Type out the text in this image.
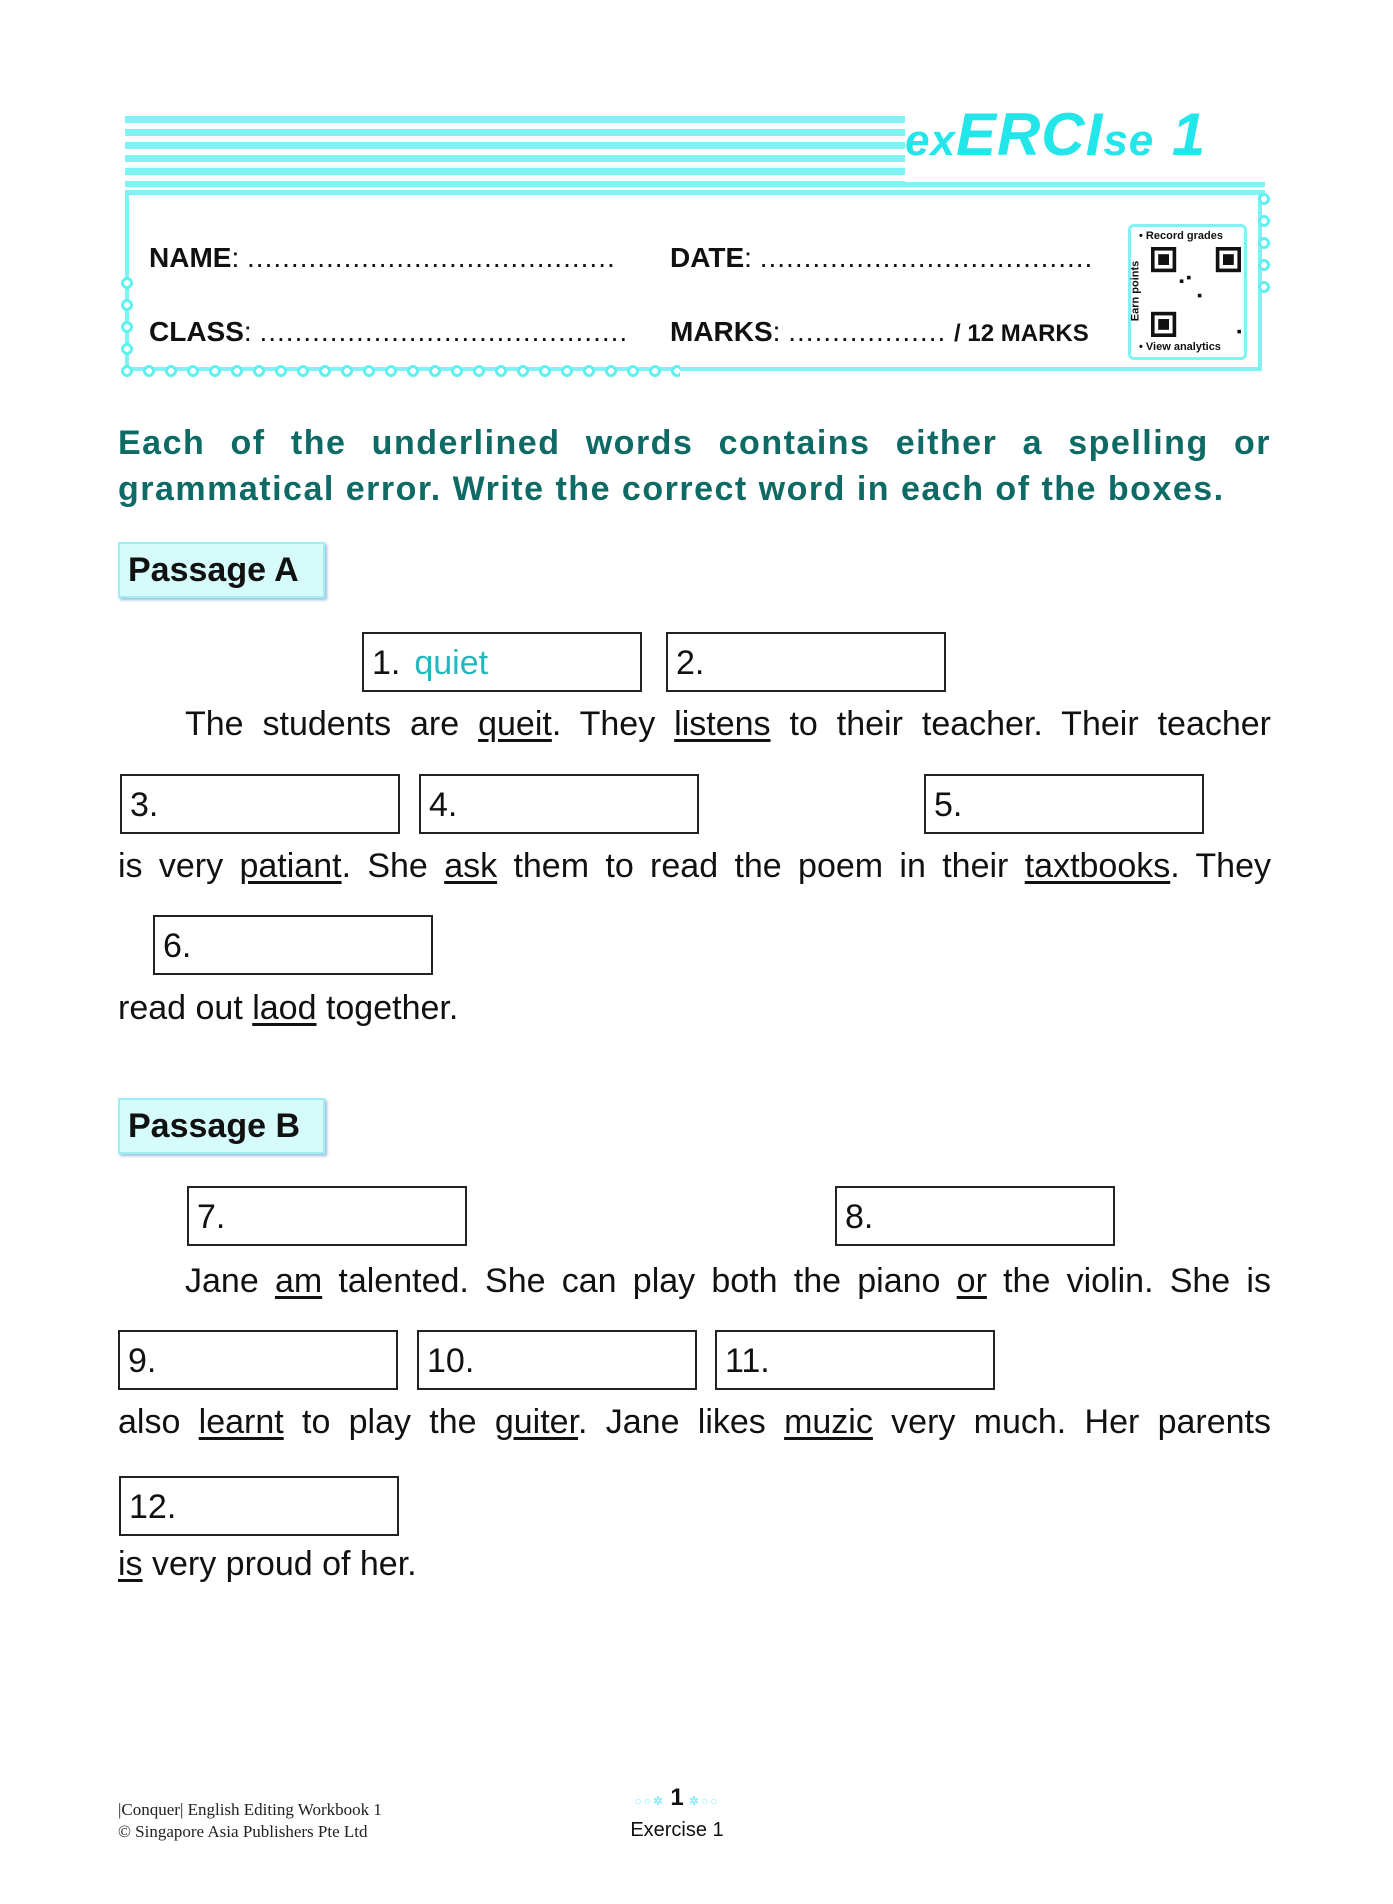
exERCIse 1
NAME: .......................................... DATE: ......................................
CLASS: .......................................... MARKS: .................. / 12 MARKS
• Record grades
Earn points
• View analytics
Each of the underlined words contains either a spelling or grammatical error. Write the correct word in each of the boxes.
Passage A
1. quiet	2.
The students are queit. They listens to their teacher. Their teacher
3.	4.	5.
is very patiant. She ask them to read the poem in their taxtbooks. They
6.
read out laod together.
Passage B
7.	8.
Jane am talented. She can play both the piano or the violin. She is
9.	10.	11.
also learnt to play the guiter. Jane likes muzic very much. Her parents
12.
is very proud of her.
|Conquer| English Editing Workbook 1
© Singapore Asia Publishers Pte Ltd
○○✲ 1 ✲○○
Exercise 1
